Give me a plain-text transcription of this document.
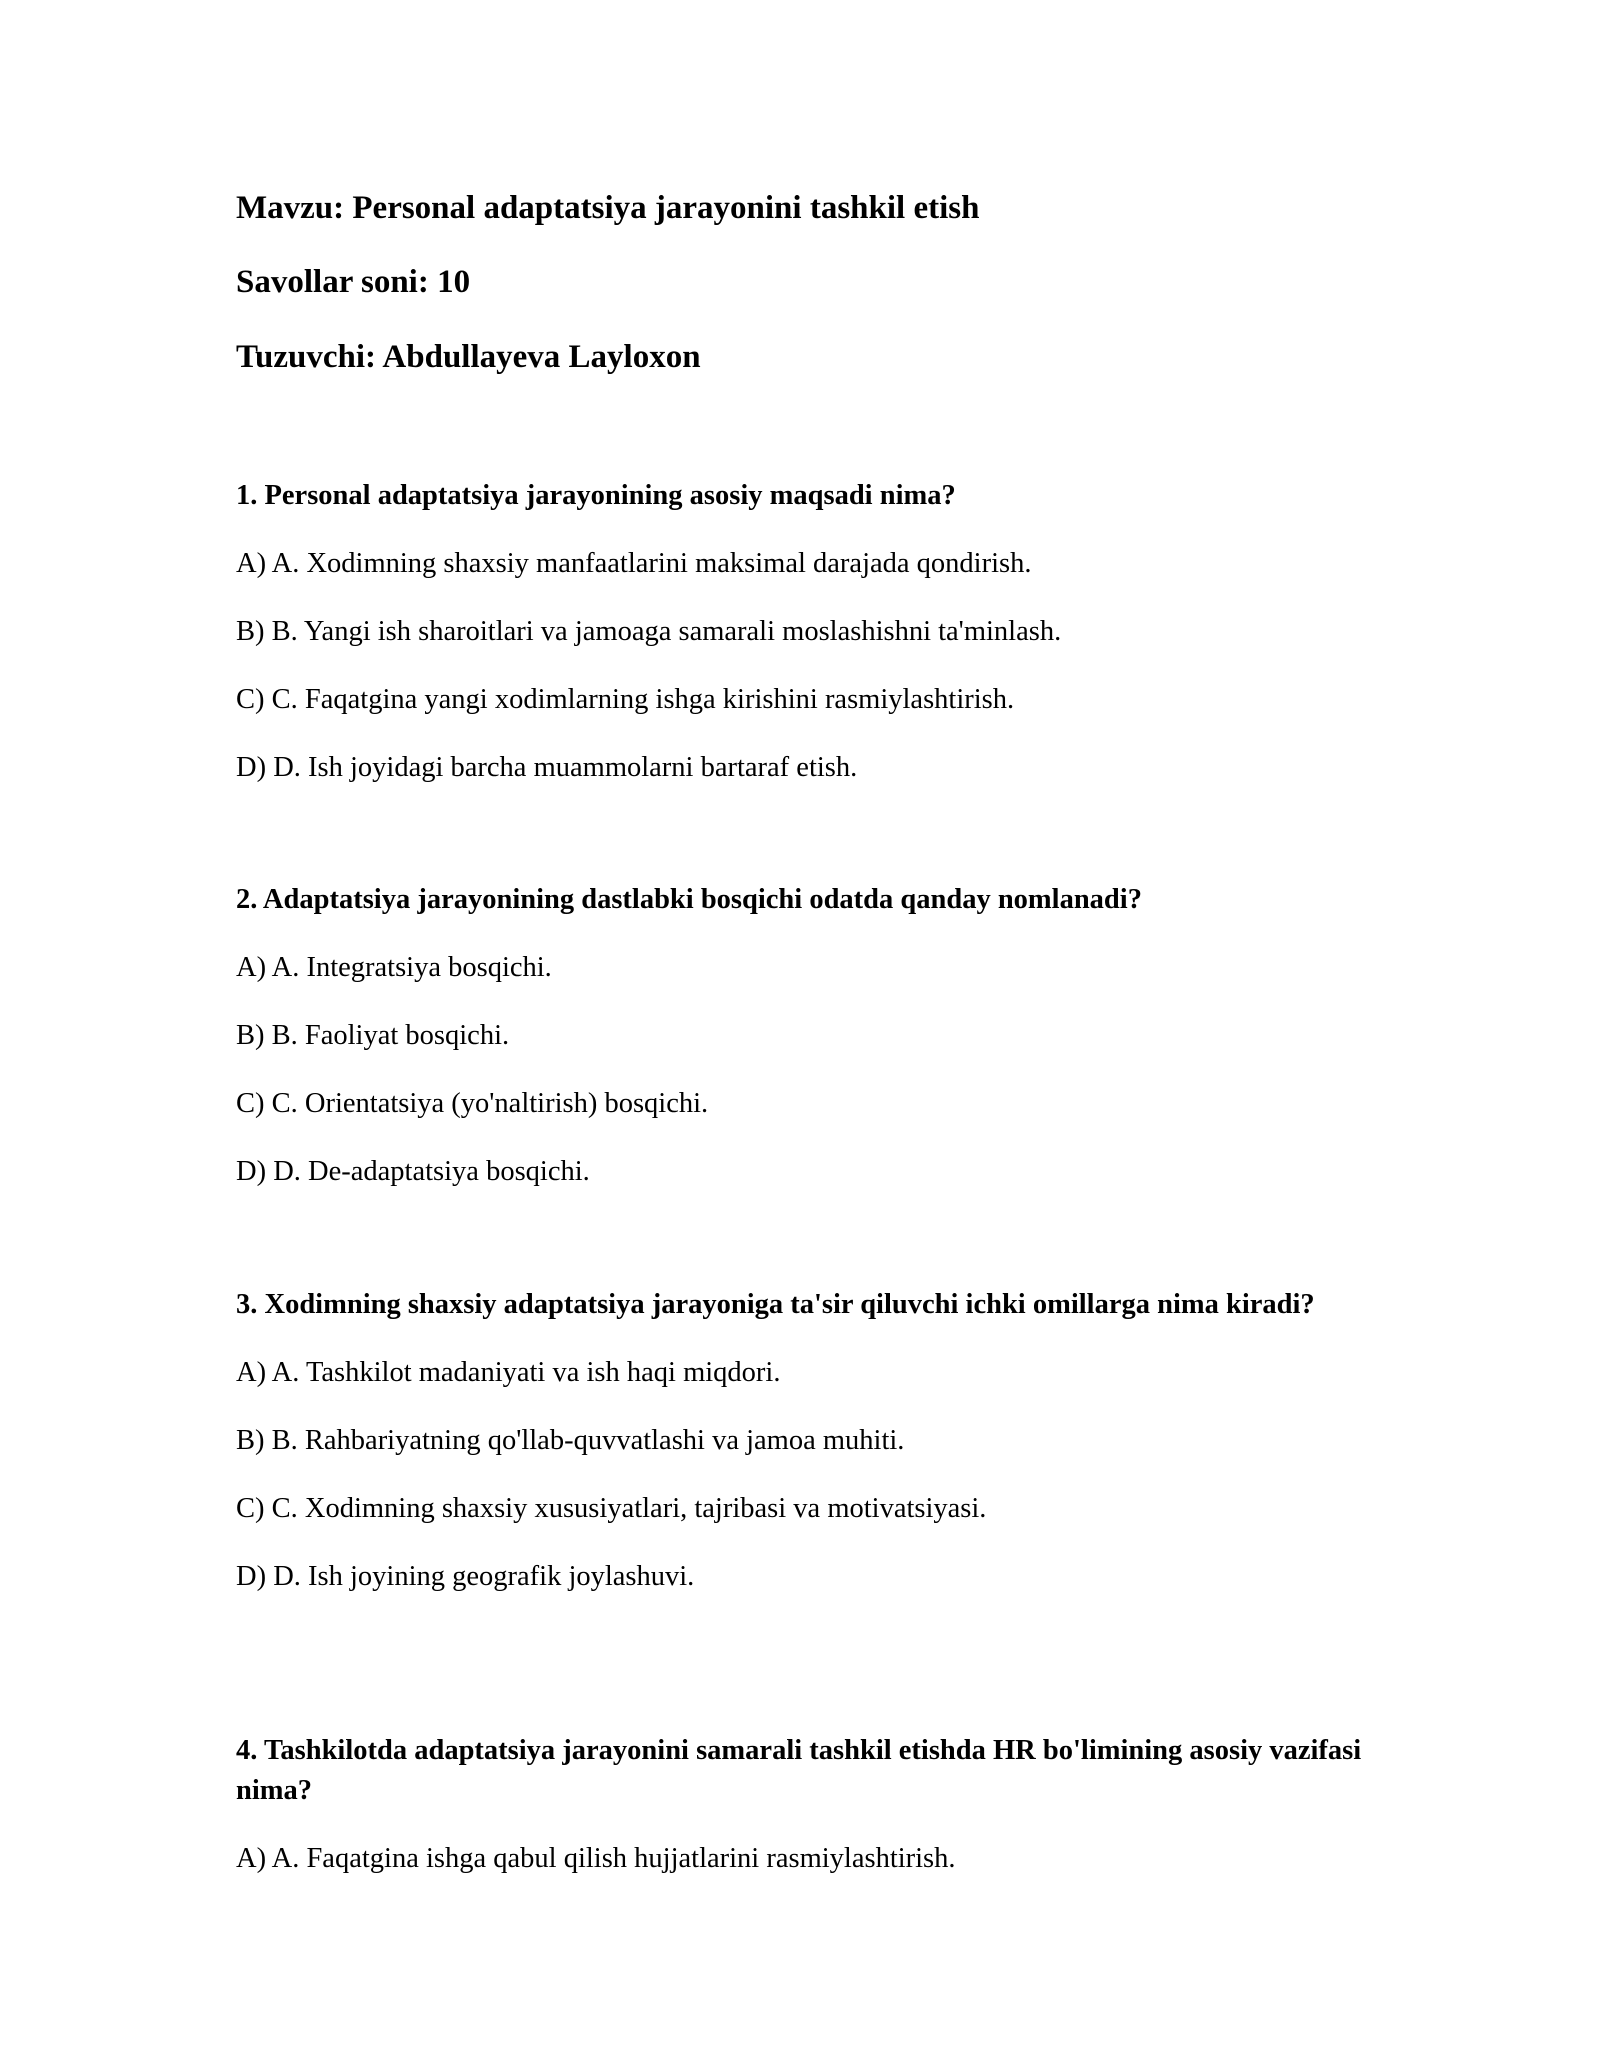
Mavzu: Personal adaptatsiya jarayonini tashkil etish
Savollar soni: 10
Tuzuvchi: Abdullayeva Layloxon

1. Personal adaptatsiya jarayonining asosiy maqsadi nima?

A) A. Xodimning shaxsiy manfaatlarini maksimal darajada qondirish.
B) B. Yangi ish sharoitlari va jamoaga samarali moslashishni ta'minlash.
C) C. Faqatgina yangi xodimlarning ishga kirishini rasmiylashtirish.
D) D. Ish joyidagi barcha muammolarni bartaraf etish.

2. Adaptatsiya jarayonining dastlabki bosqichi odatda qanday nomlanadi?

A) A. Integratsiya bosqichi.
B) B. Faoliyat bosqichi.
C) C. Orientatsiya (yo'naltirish) bosqichi.
D) D. De-adaptatsiya bosqichi.

3. Xodimning shaxsiy adaptatsiya jarayoniga ta'sir qiluvchi ichki omillarga nima kiradi?

A) A. Tashkilot madaniyati va ish haqi miqdori.
B) B. Rahbariyatning qo'llab-quvvatlashi va jamoa muhiti.
C) C. Xodimning shaxsiy xususiyatlari, tajribasi va motivatsiyasi.
D) D. Ish joyining geografik joylashuvi.

4. Tashkilotda adaptatsiya jarayonini samarali tashkil etishda HR bo'limining asosiy vazifasi nima?

A) A. Faqatgina ishga qabul qilish hujjatlarini rasmiylashtirish.
